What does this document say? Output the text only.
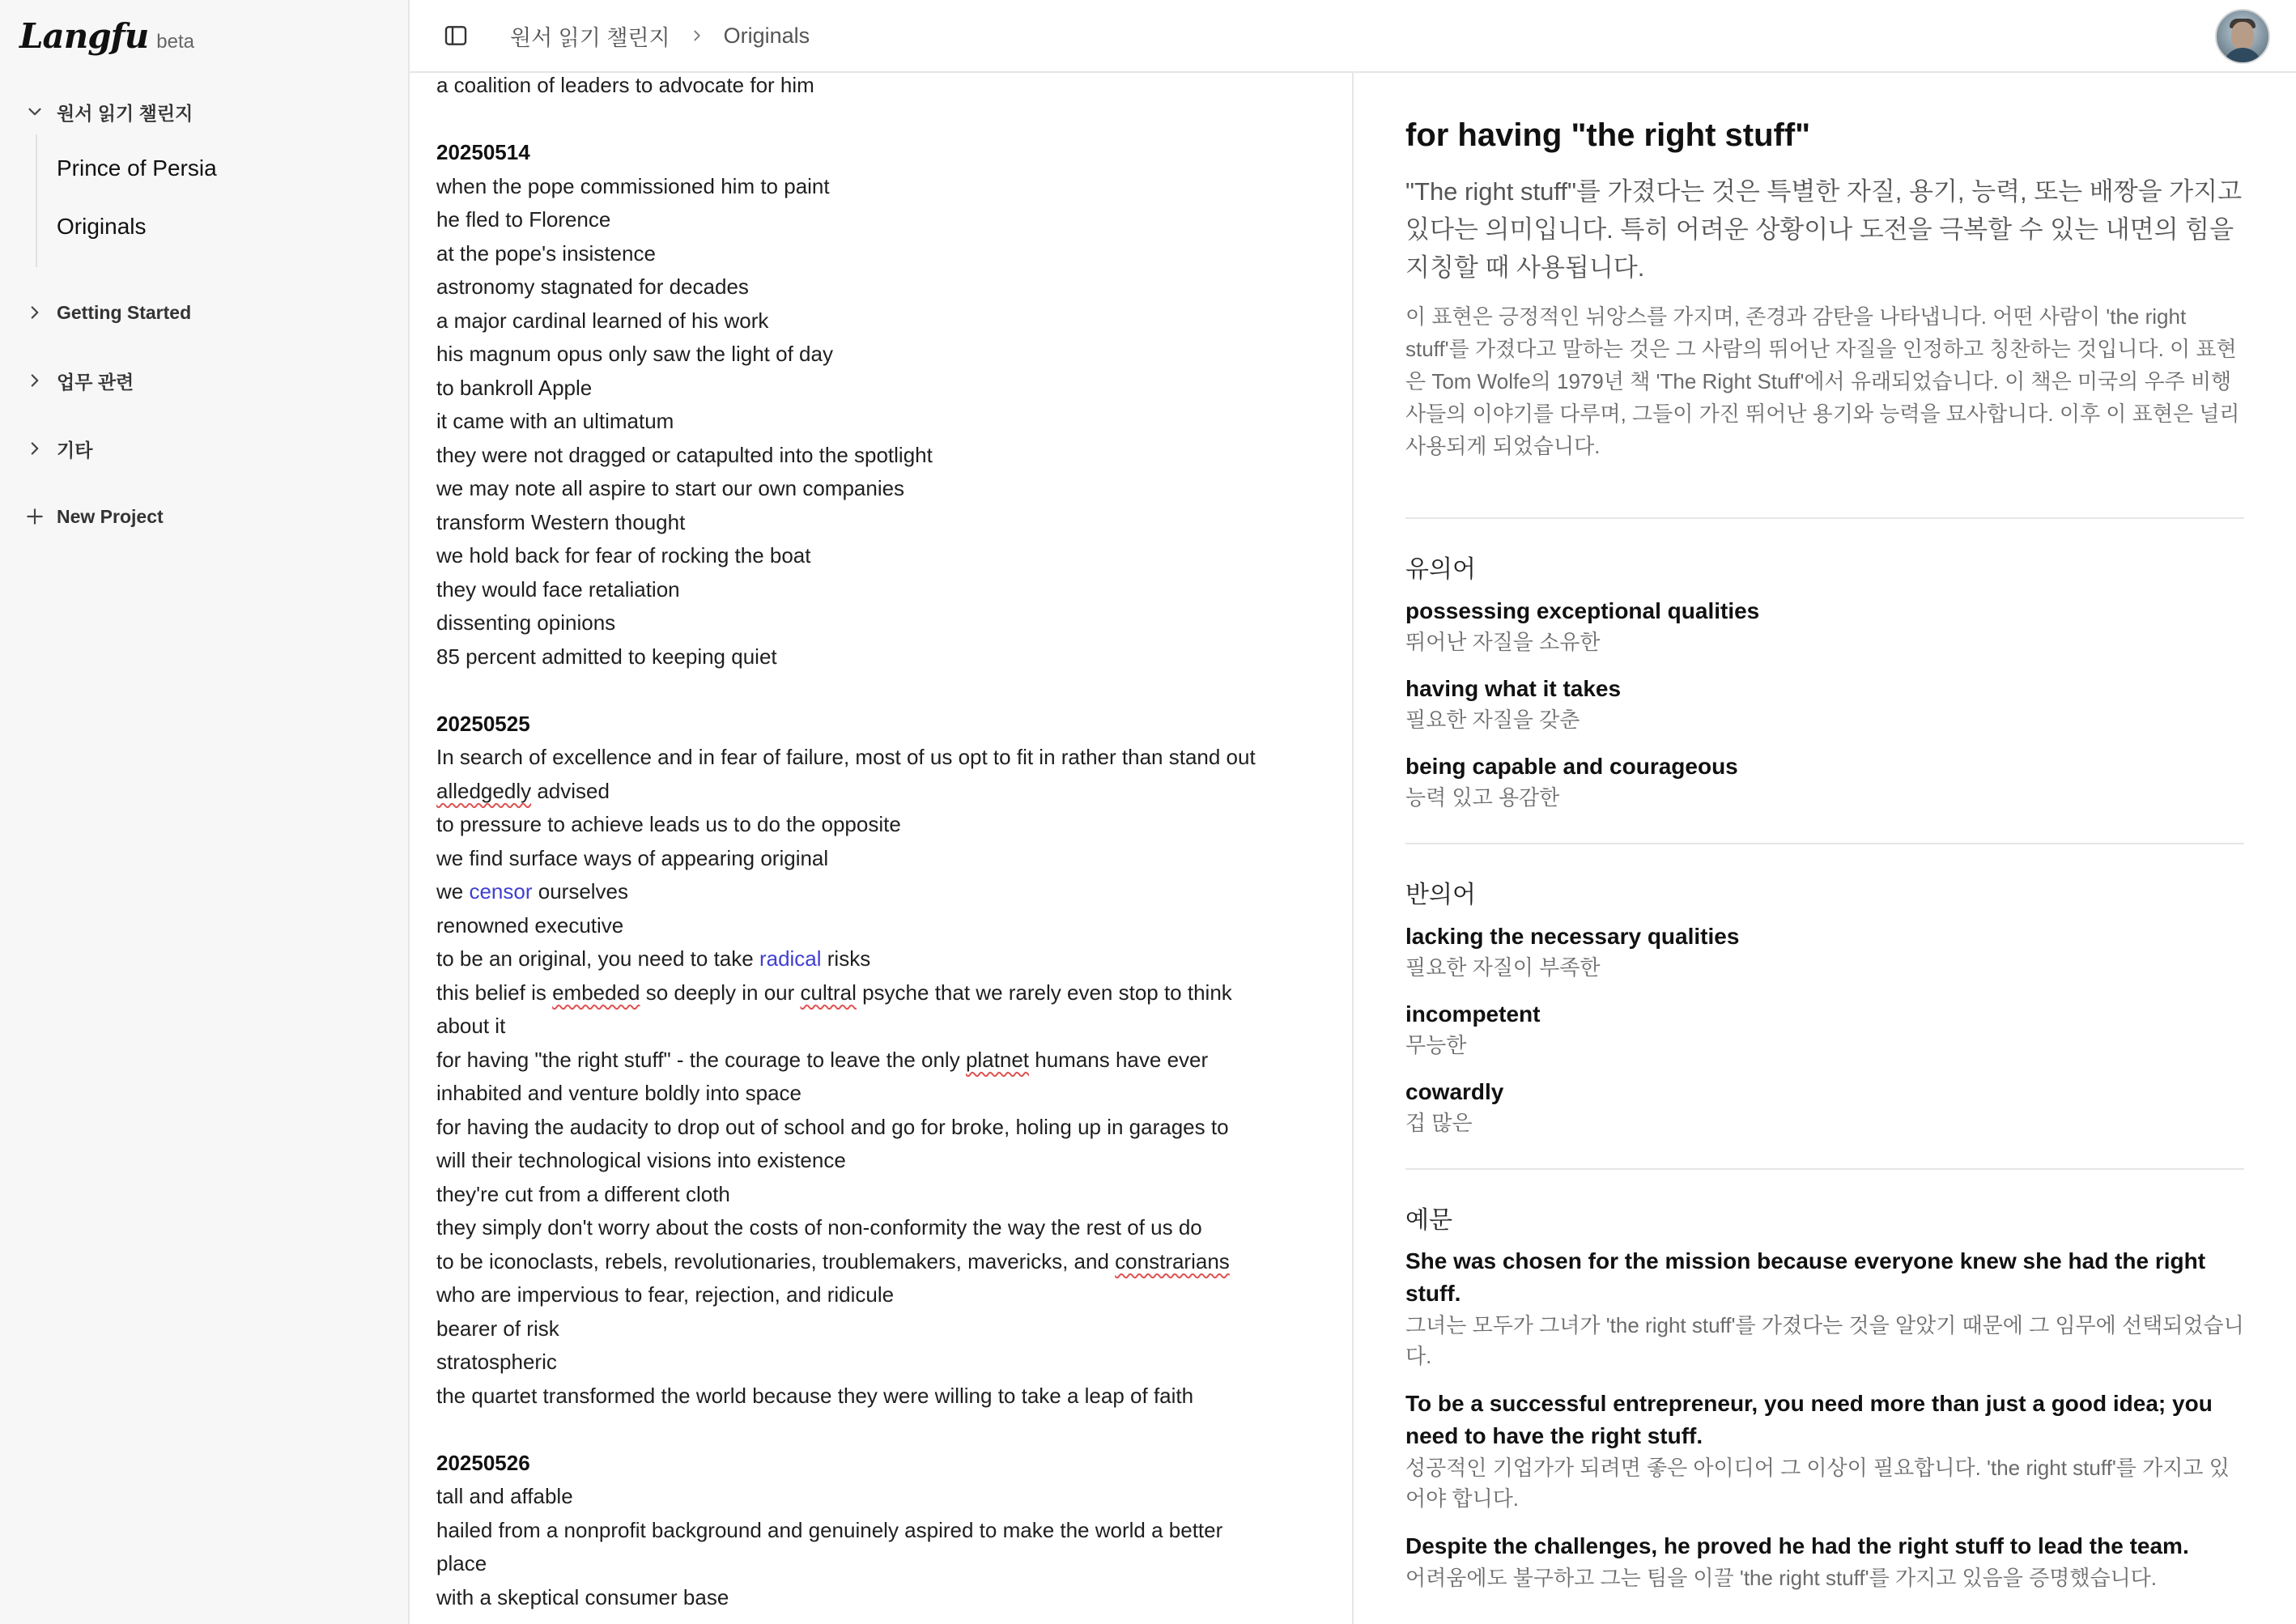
Langfu beta
원서 읽기 챌린지
Prince of Persia
Originals
Getting Started
업무 관련
기타
New Project
원서 읽기 챌린지 Originals
a coalition of leaders to advocate for him
20250514
when the pope commissioned him to paint
he fled to Florence
at the pope's insistence
astronomy stagnated for decades
a major cardinal learned of his work
his magnum opus only saw the light of day
to bankroll Apple
it came with an ultimatum
they were not dragged or catapulted into the spotlight
we may note all aspire to start our own companies
transform Western thought
we hold back for fear of rocking the boat
they would face retaliation
dissenting opinions
85 percent admitted to keeping quiet
20250525
In search of excellence and in fear of failure, most of us opt to fit in rather than stand out
alledgedly advised
to pressure to achieve leads us to do the opposite
we find surface ways of appearing original
we censor ourselves
renowned executive
to be an original, you need to take radical risks
this belief is embeded so deeply in our cultral psyche that we rarely even stop to think
about it
for having "the right stuff" - the courage to leave the only platnet humans have ever
inhabited and venture boldly into space
for having the audacity to drop out of school and go for broke, holing up in garages to
will their technological visions into existence
they're cut from a different cloth
they simply don't worry about the costs of non-conformity the way the rest of us do
to be iconoclasts, rebels, revolutionaries, troublemakers, mavericks, and constrarians
who are impervious to fear, rejection, and ridicule
bearer of risk
stratospheric
the quartet transformed the world because they were willing to take a leap of faith
20250526
tall and affable
hailed from a nonprofit background and genuinely aspired to make the world a better
place
with a skeptical consumer base
for having "the right stuff"
"The right stuff"를 가졌다는 것은 특별한 자질, 용기, 능력, 또는 배짱을 가지고 있다는 의미입니다. 특히 어려운 상황이나 도전을 극복할 수 있는 내면의 힘을 지칭할 때 사용됩니다.
이 표현은 긍정적인 뉘앙스를 가지며, 존경과 감탄을 나타냅니다. 어떤 사람이 'the right stuff'를 가졌다고 말하는 것은 그 사람의 뛰어난 자질을 인정하고 칭찬하는 것입니다. 이 표현은 Tom Wolfe의 1979년 책 'The Right Stuff'에서 유래되었습니다. 이 책은 미국의 우주 비행사들의 이야기를 다루며, 그들이 가진 뛰어난 용기와 능력을 묘사합니다. 이후 이 표현은 널리 사용되게 되었습니다.
유의어
possessing exceptional qualities
뛰어난 자질을 소유한
having what it takes
필요한 자질을 갖춘
being capable and courageous
능력 있고 용감한
반의어
lacking the necessary qualities
필요한 자질이 부족한
incompetent
무능한
cowardly
겁 많은
예문
She was chosen for the mission because everyone knew she had the right stuff.
그녀는 모두가 그녀가 'the right stuff'를 가졌다는 것을 알았기 때문에 그 임무에 선택되었습니다.
To be a successful entrepreneur, you need more than just a good idea; you need to have the right stuff.
성공적인 기업가가 되려면 좋은 아이디어 그 이상이 필요합니다. 'the right stuff'를 가지고 있어야 합니다.
Despite the challenges, he proved he had the right stuff to lead the team.
어려움에도 불구하고 그는 팀을 이끌 'the right stuff'를 가지고 있음을 증명했습니다.
